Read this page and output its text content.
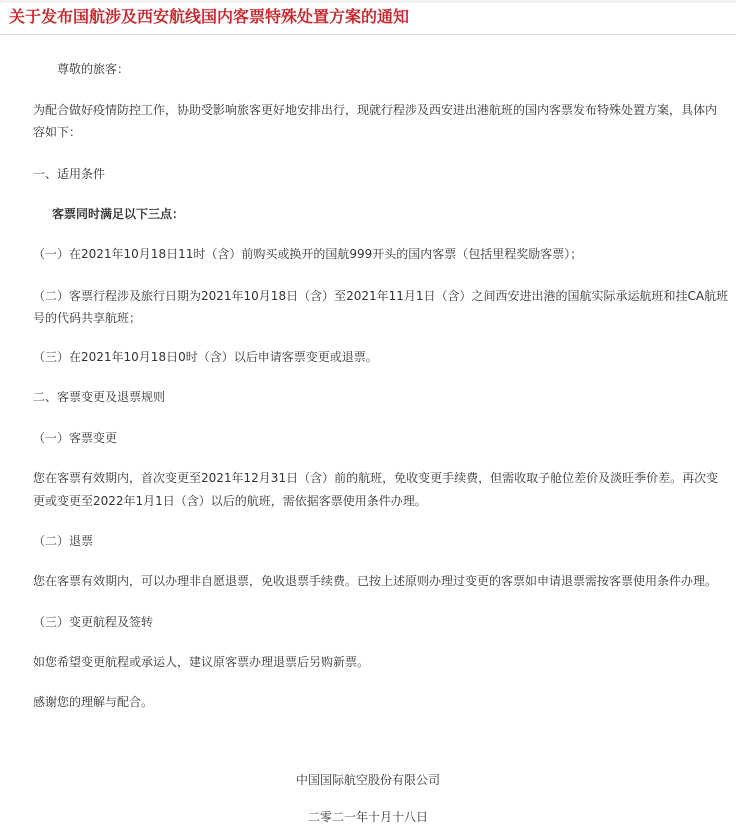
关于发布国航涉及西安航线国内客票特殊处置方案的通知
尊敬的旅客：
为配合做好疫情防控工作，协助受影响旅客更好地安排出行，现就行程涉及西安进出港航班的国内客票发布特殊处置方案，具体内
容如下：
一、适用条件
客票同时满足以下三点：
（一）在2021年10月18日11时（含）前购买或换开的国航999开头的国内客票（包括里程奖励客票）；
（二）客票行程涉及旅行日期为2021年10月18日（含）至2021年11月1日（含）之间西安进出港的国航实际承运航班和挂CA航班
号的代码共享航班；
（三）在2021年10月18日0时（含）以后申请客票变更或退票。
二、客票变更及退票规则
（一）客票变更
您在客票有效期内，首次变更至2021年12月31日（含）前的航班，免收变更手续费，但需收取子舱位差价及淡旺季价差。再次变
更或变更至2022年1月1日（含）以后的航班，需依据客票使用条件办理。
（二）退票
您在客票有效期内，可以办理非自愿退票，免收退票手续费。已按上述原则办理过变更的客票如申请退票需按客票使用条件办理。
（三）变更航程及签转
如您希望变更航程或承运人，建议原客票办理退票后另购新票。
感谢您的理解与配合。
中国国际航空股份有限公司
二零二一年十月十八日
